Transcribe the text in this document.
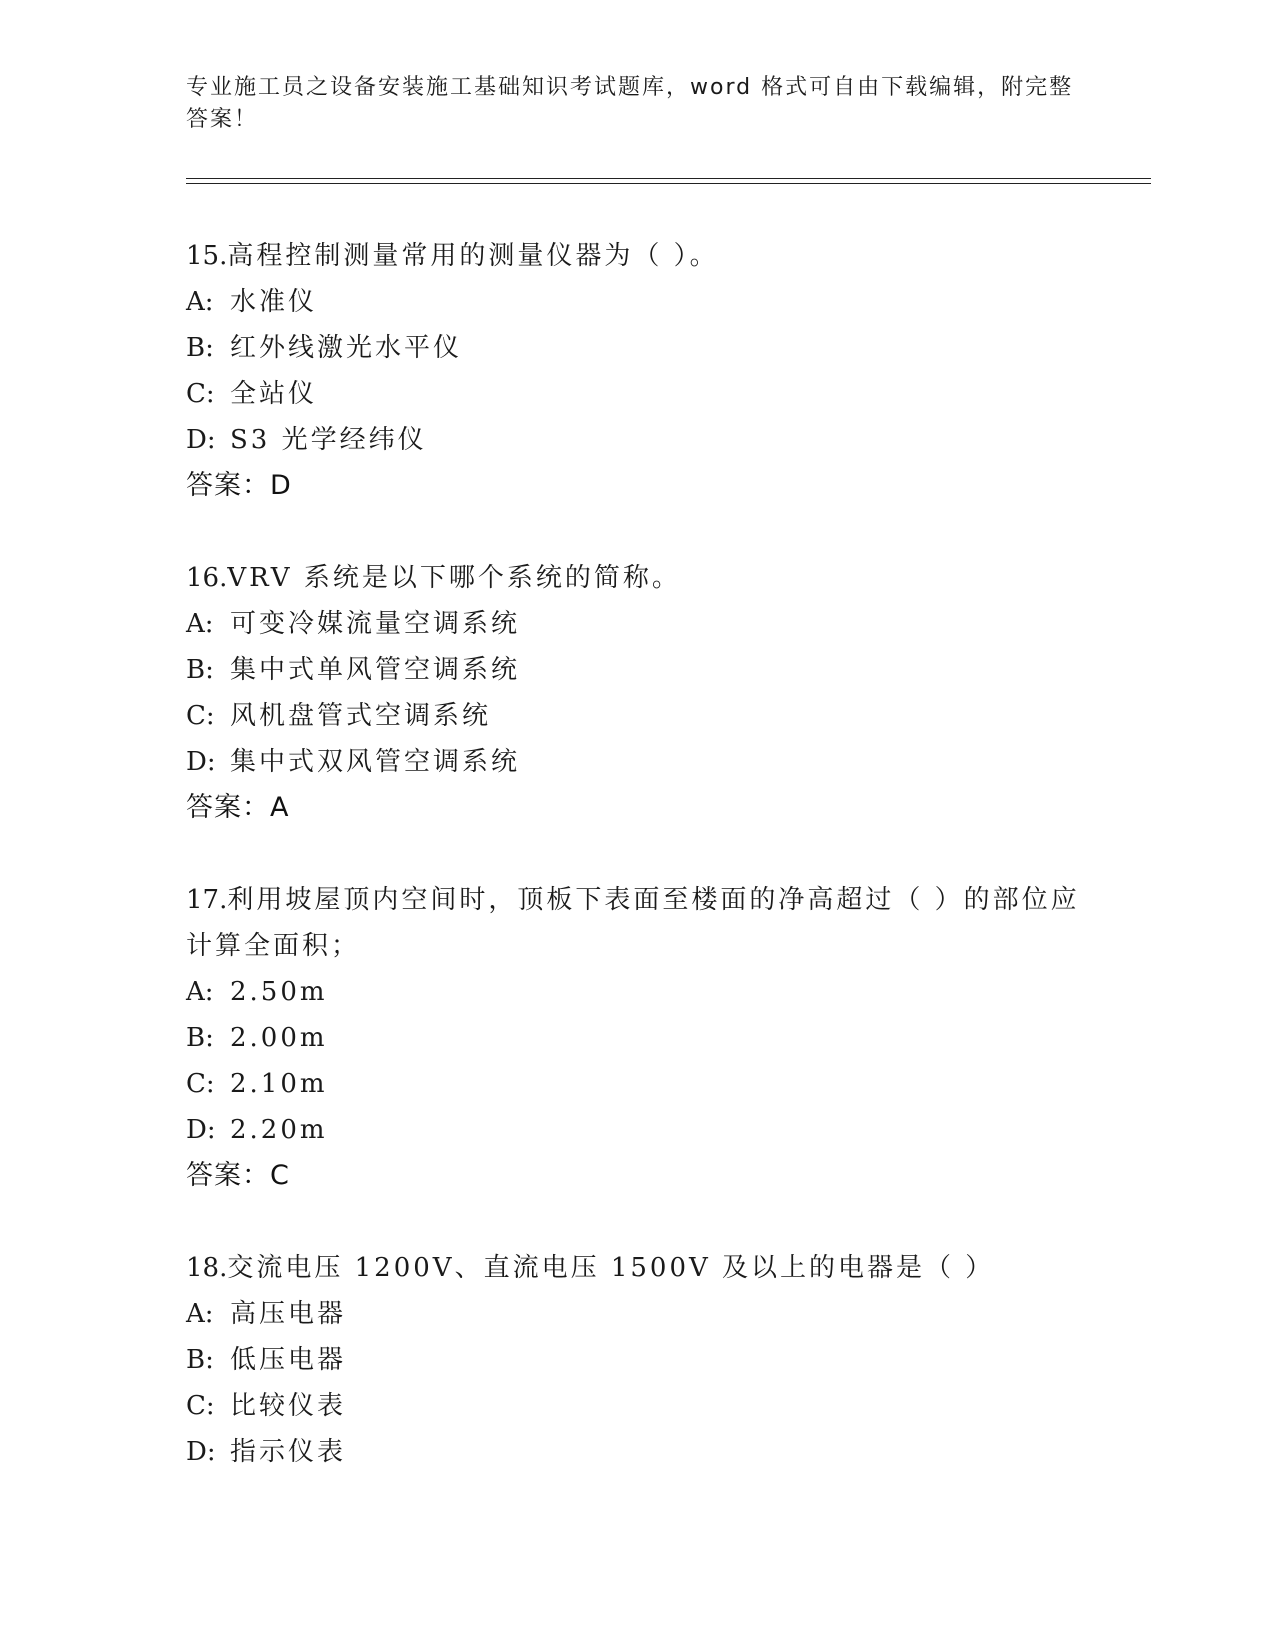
专业施工员之设备安装施工基础知识考试题库，word 格式可自由下载编辑，附完整答案！

15.高程控制测量常用的测量仪器为（ ）。

A: 水准仪
B: 红外线激光水平仪
C: 全站仪
D: S3 光学经纬仪
答案：D

16.VRV 系统是以下哪个系统的简称。

A: 可变冷媒流量空调系统
B: 集中式单风管空调系统
C: 风机盘管式空调系统
D: 集中式双风管空调系统
答案：A

17.利用坡屋顶内空间时，顶板下表面至楼面的净高超过（ ）的部位应计算全面积；

A: 2.50m
B: 2.00m
C: 2.10m
D: 2.20m
答案：C

18.交流电压 1200V、直流电压 1500V 及以上的电器是（ ）

A: 高压电器
B: 低压电器
C: 比较仪表
D: 指示仪表
